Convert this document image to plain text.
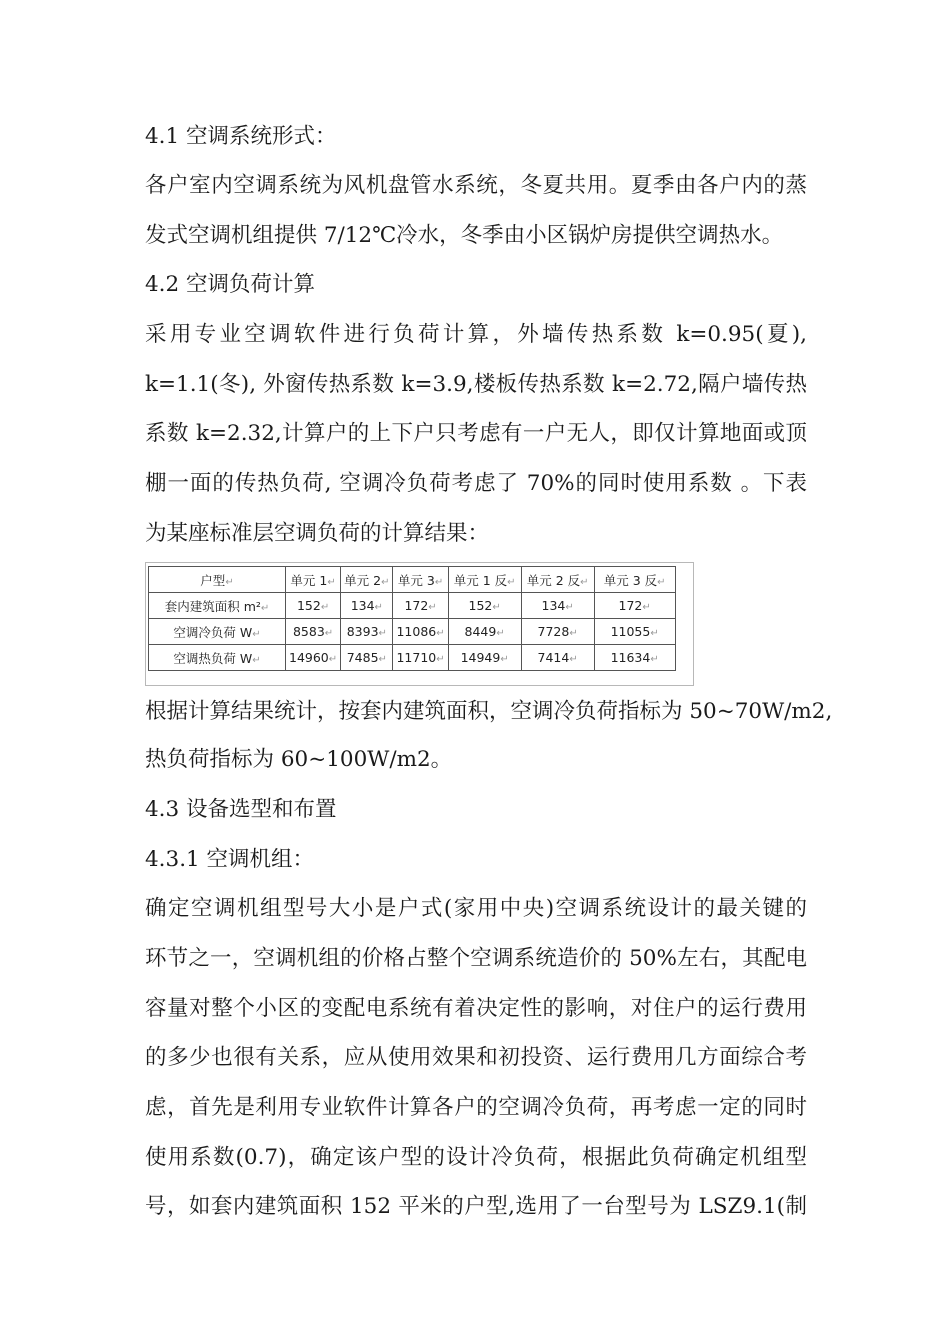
4.1 空调系统形式：
各户室内空调系统为风机盘管水系统，冬夏共用。夏季由各户内的蒸
发式空调机组提供 7/12℃冷水，冬季由小区锅炉房提供空调热水。
4.2 空调负荷计算
采用专业空调软件进行负荷计算，外墙传热系数 k=0.95(夏),
k=1.1(冬), 外窗传热系数 k=3.9,楼板传热系数 k=2.72,隔户墙传热
系数 k=2.32,计算户的上下户只考虑有一户无人，即仅计算地面或顶
棚一面的传热负荷, 空调冷负荷考虑了 70%的同时使用系数 。下表
为某座标准层空调负荷的计算结果：
户型↵	单元 1↵	单元 2↵	单元 3↵	单元 1 反↵	单元 2 反↵	单元 3 反↵
套内建筑面积 m²↵	152↵	134↵	172↵	152↵	134↵	172↵
空调冷负荷 W↵	8583↵	8393↵	11086↵	8449↵	7728↵	11055↵
空调热负荷 W↵	14960↵	7485↵	11710↵	14949↵	7414↵	11634↵
根据计算结果统计，按套内建筑面积，空调冷负荷指标为 50~70W/m2,
热负荷指标为 60~100W/m2。
4.3 设备选型和布置
4.3.1 空调机组：
确定空调机组型号大小是户式(家用中央)空调系统设计的最关键的
环节之一，空调机组的价格占整个空调系统造价的 50%左右，其配电
容量对整个小区的变配电系统有着决定性的影响，对住户的运行费用
的多少也很有关系，应从使用效果和初投资、运行费用几方面综合考
虑，首先是利用专业软件计算各户的空调冷负荷，再考虑一定的同时
使用系数(0.7)，确定该户型的设计冷负荷，根据此负荷确定机组型
号，如套内建筑面积 152 平米的户型,选用了一台型号为 LSZ9.1(制
